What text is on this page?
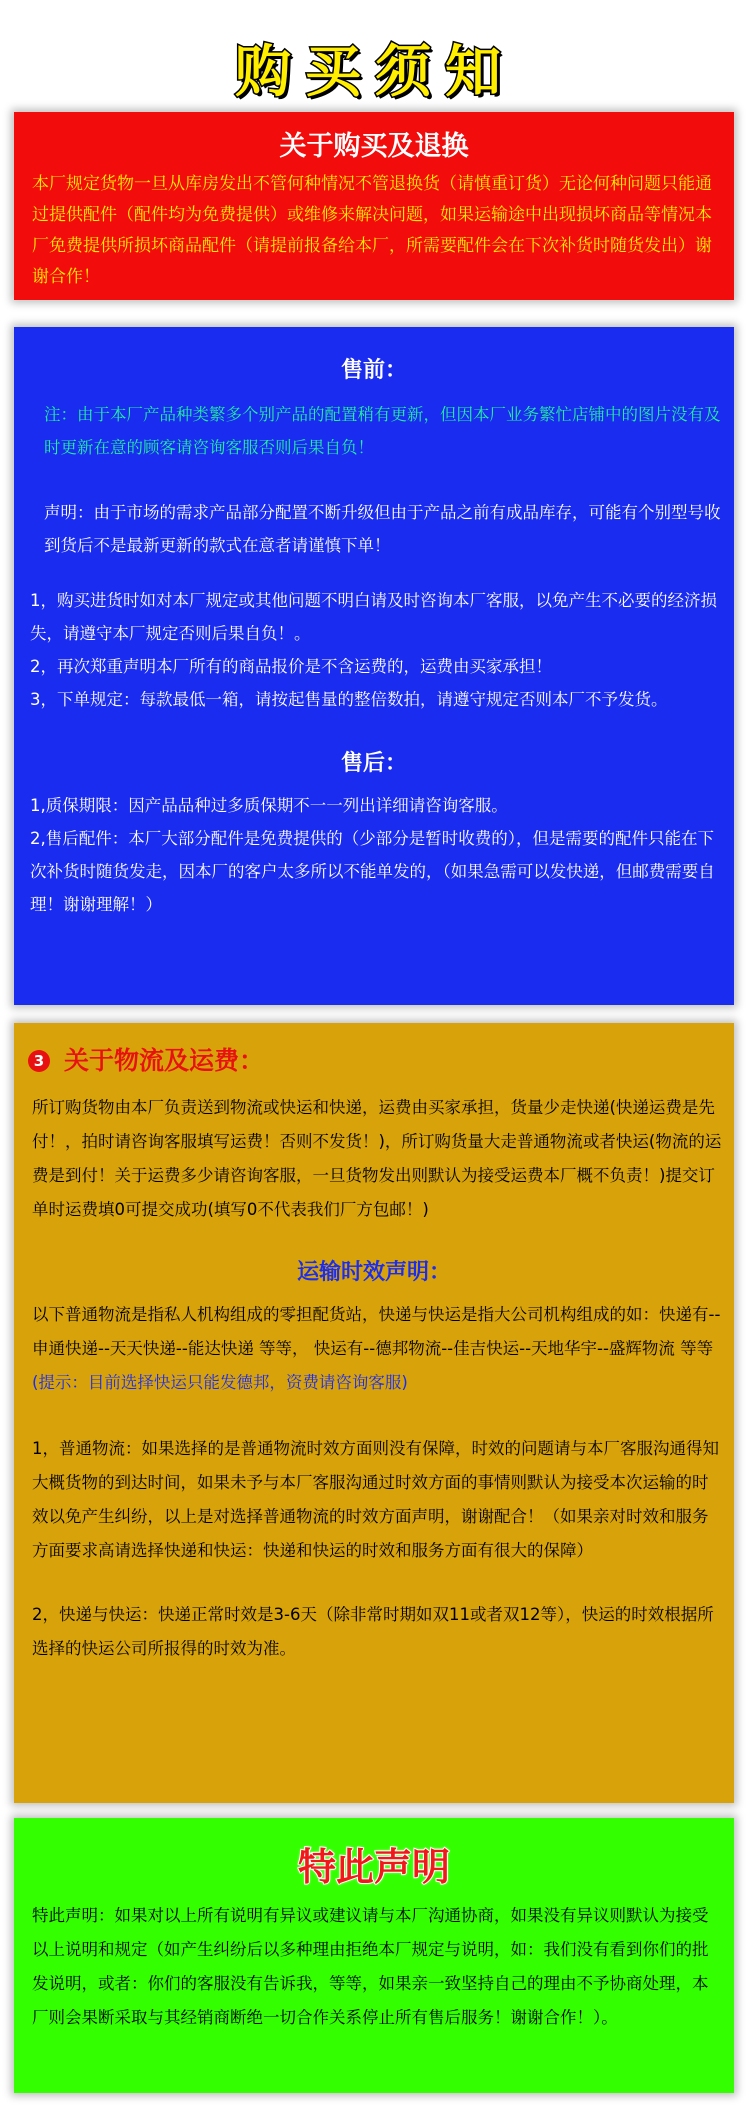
购买须知
关于购买及退换
本厂规定货物一旦从库房发出不管何种情况不管退换货（请慎重订货）无论何种问题只能通过提供配件（配件均为免费提供）或维修来解决问题，如果运输途中出现损坏商品等情况本厂免费提供所损坏商品配件（请提前报备给本厂，所需要配件会在下次补货时随货发出）谢谢合作！
售前：
注：由于本厂产品种类繁多个别产品的配置稍有更新，但因本厂业务繁忙店铺中的图片没有及时更新在意的顾客请咨询客服否则后果自负！
声明：由于市场的需求产品部分配置不断升级但由于产品之前有成品库存，可能有个别型号收到货后不是最新更新的款式在意者请谨慎下单！
1，购买进货时如对本厂规定或其他问题不明白请及时咨询本厂客服，以免产生不必要的经济损失，请遵守本厂规定否则后果自负！。
2，再次郑重声明本厂所有的商品报价是不含运费的，运费由买家承担！
3，下单规定：每款最低一箱，请按起售量的整倍数拍，请遵守规定否则本厂不予发货。
售后：
1,质保期限：因产品品种过多质保期不一一列出详细请咨询客服。
2,售后配件：本厂大部分配件是免费提供的（少部分是暂时收费的），但是需要的配件只能在下次补货时随货发走，因本厂的客户太多所以不能单发的，（如果急需可以发快递，但邮费需要自理！谢谢理解！）
3 关于物流及运费：
所订购货物由本厂负责送到物流或快运和快递，运费由买家承担，货量少走快递(快递运费是先付！，拍时请咨询客服填写运费！否则不发货！)，所订购货量大走普通物流或者快运(物流的运费是到付！关于运费多少请咨询客服，一旦货物发出则默认为接受运费本厂概不负责！)提交订单时运费填0可提交成功(填写0不代表我们厂方包邮！)
运输时效声明：
以下普通物流是指私人机构组成的零担配货站，快递与快运是指大公司机构组成的如：快递有--申通快递--天天快递--能达快递 等等， 快运有--德邦物流--佳吉快运--天地华宇--盛辉物流 等等(提示：目前选择快运只能发德邦，资费请咨询客服)
1，普通物流：如果选择的是普通物流时效方面则没有保障，时效的问题请与本厂客服沟通得知大概货物的到达时间，如果未予与本厂客服沟通过时效方面的事情则默认为接受本次运输的时效以免产生纠纷，以上是对选择普通物流的时效方面声明，谢谢配合！（如果亲对时效和服务方面要求高请选择快递和快运：快递和快运的时效和服务方面有很大的保障）
2，快递与快运：快递正常时效是3-6天（除非常时期如双11或者双12等），快运的时效根据所选择的快运公司所报得的时效为准。
特此声明
特此声明：如果对以上所有说明有异议或建议请与本厂沟通协商，如果没有异议则默认为接受以上说明和规定（如产生纠纷后以多种理由拒绝本厂规定与说明，如：我们没有看到你们的批发说明，或者：你们的客服没有告诉我，等等，如果亲一致坚持自己的理由不予协商处理，本厂则会果断采取与其经销商断绝一切合作关系停止所有售后服务！谢谢合作！）。
